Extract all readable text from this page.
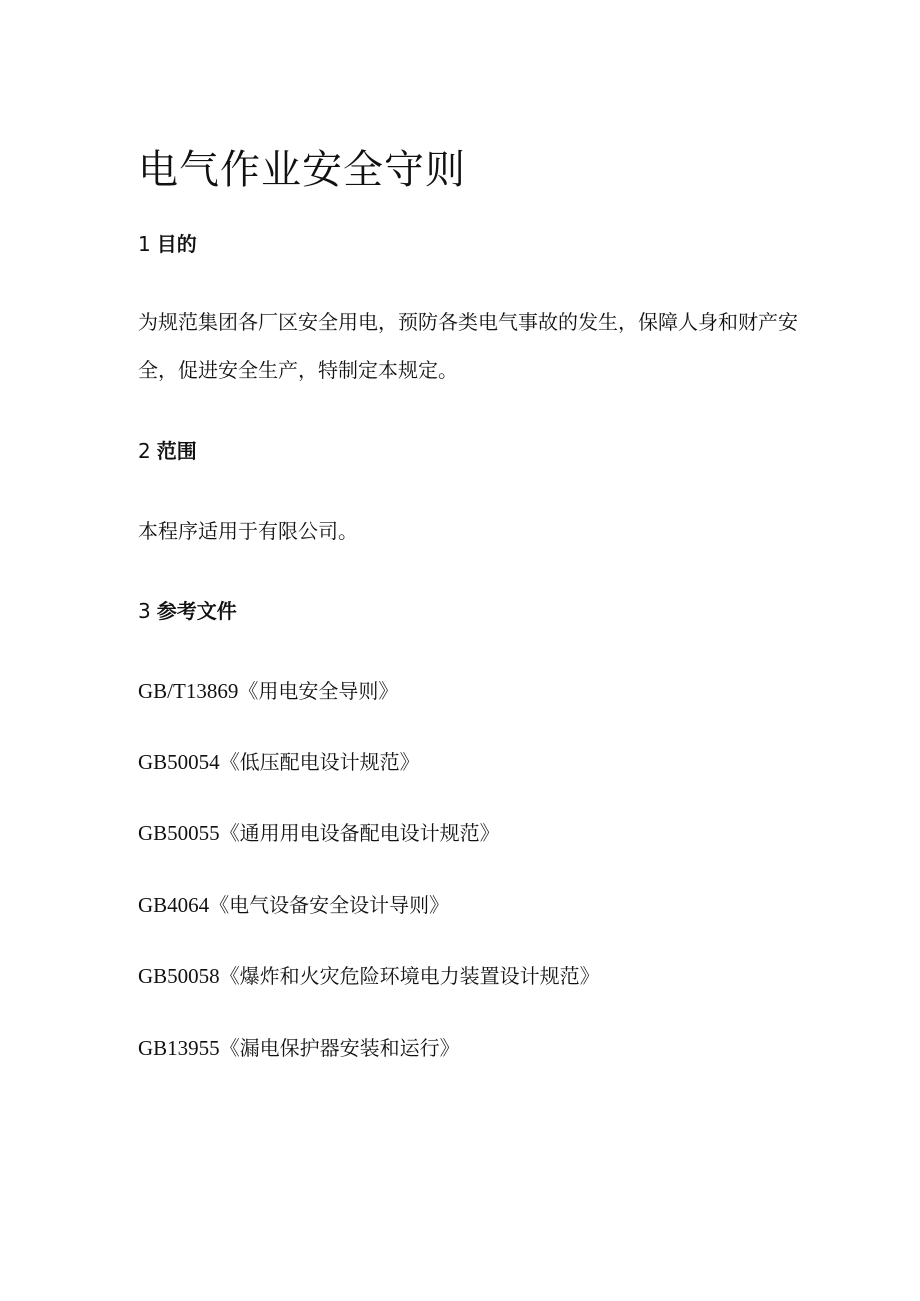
电气作业安全守则
1 目的

为规范集团各厂区安全用电，预防各类电气事故的发生，保障人身和财产安全，促进安全生产，特制定本规定。

2 范围

本程序适用于有限公司。

3 参考文件
GB/T13869《用电安全导则》
GB50054《低压配电设计规范》
GB50055《通用用电设备配电设计规范》
GB4064《电气设备安全设计导则》
GB50058《爆炸和火灾危险环境电力装置设计规范》
GB13955《漏电保护器安装和运行》
